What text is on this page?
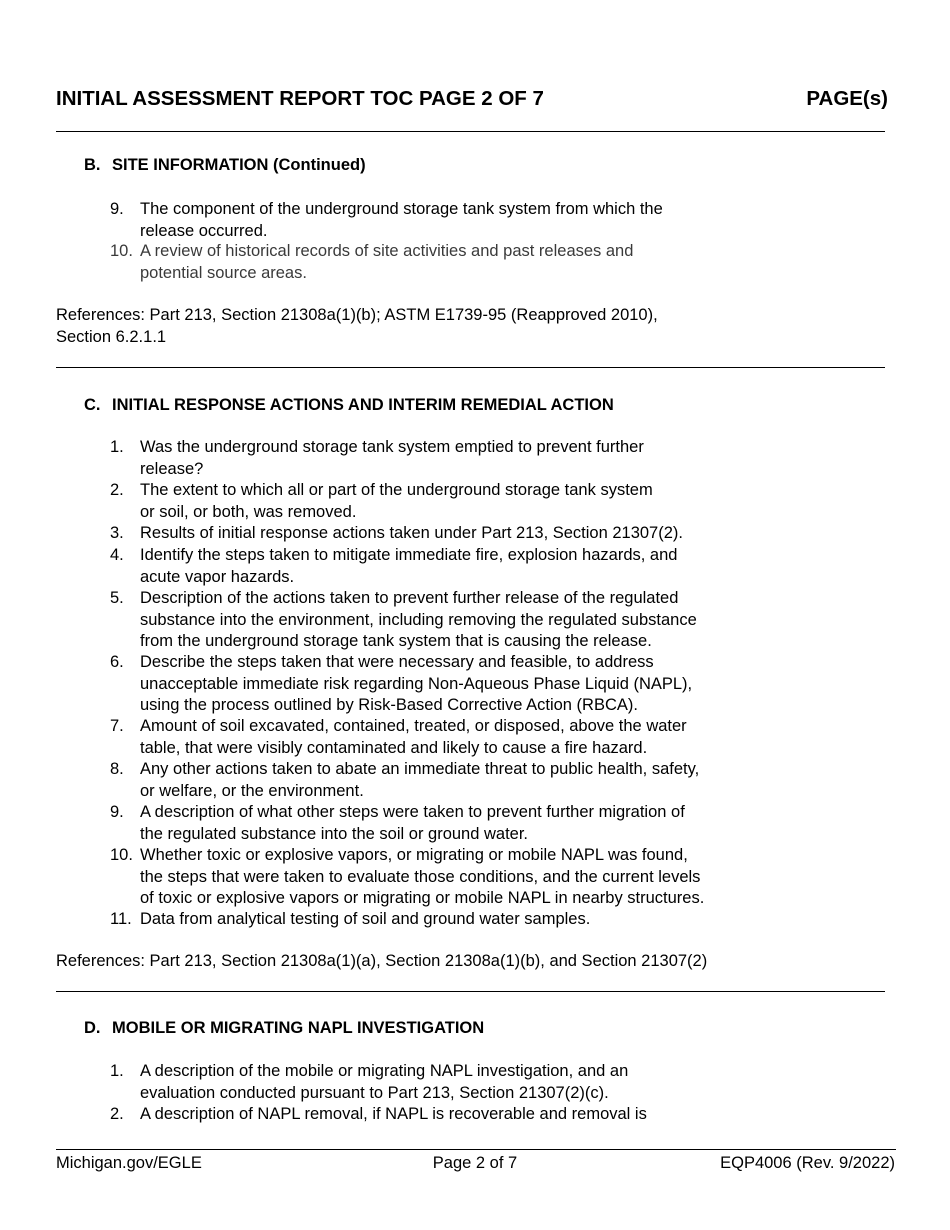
INITIAL ASSESSMENT REPORT TOC PAGE 2 OF 7	PAGE(s)
B. SITE INFORMATION (Continued)
9. The component of the underground storage tank system from which the
release occurred.
10. A review of historical records of site activities and past releases and
potential source areas.
References: Part 213, Section 21308a(1)(b); ASTM E1739-95 (Reapproved 2010),
Section 6.2.1.1
C. INITIAL RESPONSE ACTIONS AND INTERIM REMEDIAL ACTION
1. Was the underground storage tank system emptied to prevent further
release?
2. The extent to which all or part of the underground storage tank system
or soil, or both, was removed.
3. Results of initial response actions taken under Part 213, Section 21307(2).
4. Identify the steps taken to mitigate immediate fire, explosion hazards, and
acute vapor hazards.
5. Description of the actions taken to prevent further release of the regulated
substance into the environment, including removing the regulated substance
from the underground storage tank system that is causing the release.
6. Describe the steps taken that were necessary and feasible, to address
unacceptable immediate risk regarding Non-Aqueous Phase Liquid (NAPL),
using the process outlined by Risk-Based Corrective Action (RBCA).
7. Amount of soil excavated, contained, treated, or disposed, above the water
table, that were visibly contaminated and likely to cause a fire hazard.
8. Any other actions taken to abate an immediate threat to public health, safety,
or welfare, or the environment.
9. A description of what other steps were taken to prevent further migration of
the regulated substance into the soil or ground water.
10. Whether toxic or explosive vapors, or migrating or mobile NAPL was found,
the steps that were taken to evaluate those conditions, and the current levels
of toxic or explosive vapors or migrating or mobile NAPL in nearby structures.
11. Data from analytical testing of soil and ground water samples.
References: Part 213, Section 21308a(1)(a), Section 21308a(1)(b), and Section 21307(2)
D. MOBILE OR MIGRATING NAPL INVESTIGATION
1. A description of the mobile or migrating NAPL investigation, and an
evaluation conducted pursuant to Part 213, Section 21307(2)(c).
2. A description of NAPL removal, if NAPL is recoverable and removal is
Michigan.gov/EGLE	Page 2 of 7	EQP4006 (Rev. 9/2022)
